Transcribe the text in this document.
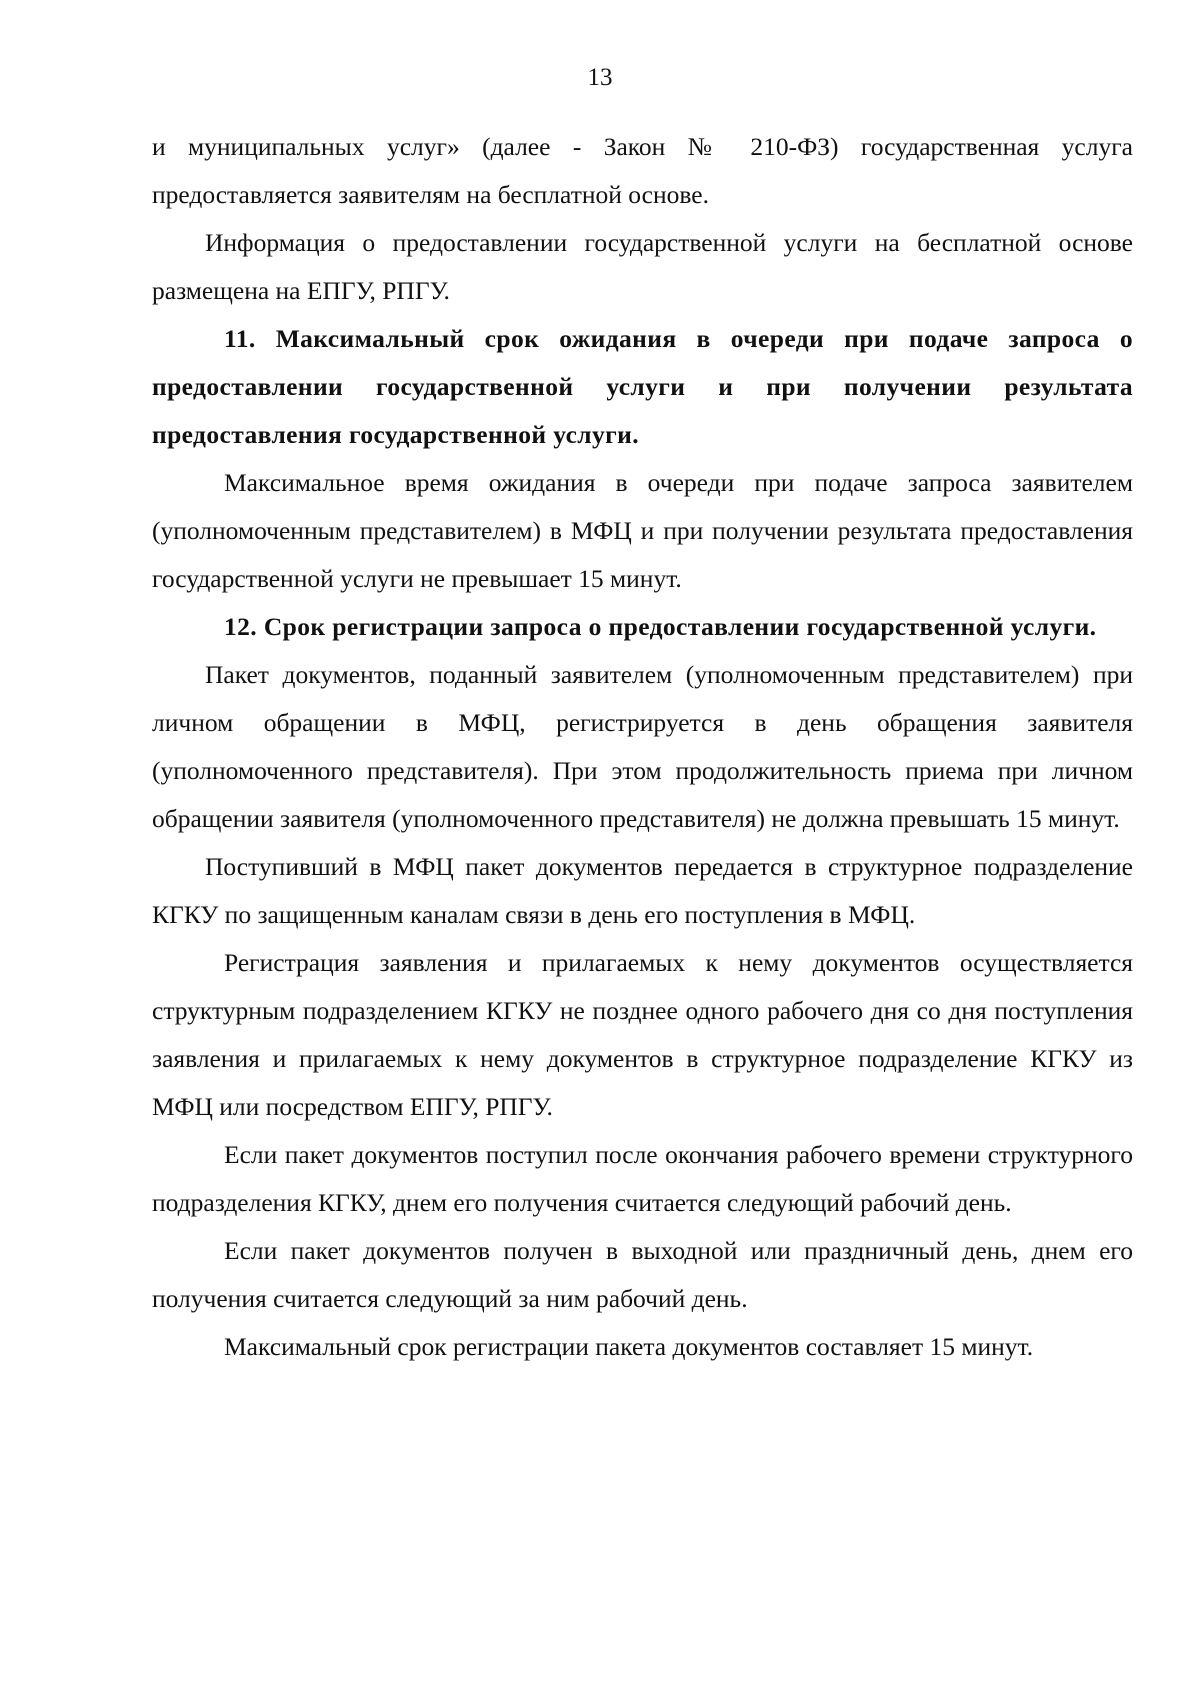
13

и муниципальных услуг» (далее - Закон № 210-ФЗ) государственная услуга предоставляется заявителям на бесплатной основе.

Информация о предоставлении государственной услуги на бесплатной основе размещена на ЕПГУ, РПГУ.

11. Максимальный срок ожидания в очереди при подаче запроса о предоставлении государственной услуги и при получении результата предоставления государственной услуги.

Максимальное время ожидания в очереди при подаче запроса заявителем (уполномоченным представителем) в МФЦ и при получении результата предоставления государственной услуги не превышает 15 минут.

12. Срок регистрации запроса о предоставлении государственной услуги.

Пакет документов, поданный заявителем (уполномоченным представителем) при личном обращении в МФЦ, регистрируется в день обращения заявителя (уполномоченного представителя). При этом продолжительность приема при личном обращении заявителя (уполномоченного представителя) не должна превышать 15 минут.

Поступивший в МФЦ пакет документов передается в структурное подразделение КГКУ по защищенным каналам связи в день его поступления в МФЦ.

Регистрация заявления и прилагаемых к нему документов осуществляется структурным подразделением КГКУ не позднее одного рабочего дня со дня поступления заявления и прилагаемых к нему документов в структурное подразделение КГКУ из МФЦ или посредством ЕПГУ, РПГУ.

Если пакет документов поступил после окончания рабочего времени структурного подразделения КГКУ, днем его получения считается следующий рабочий день.

Если пакет документов получен в выходной или праздничный день, днем его получения считается следующий за ним рабочий день.

Максимальный срок регистрации пакета документов составляет 15 минут.
